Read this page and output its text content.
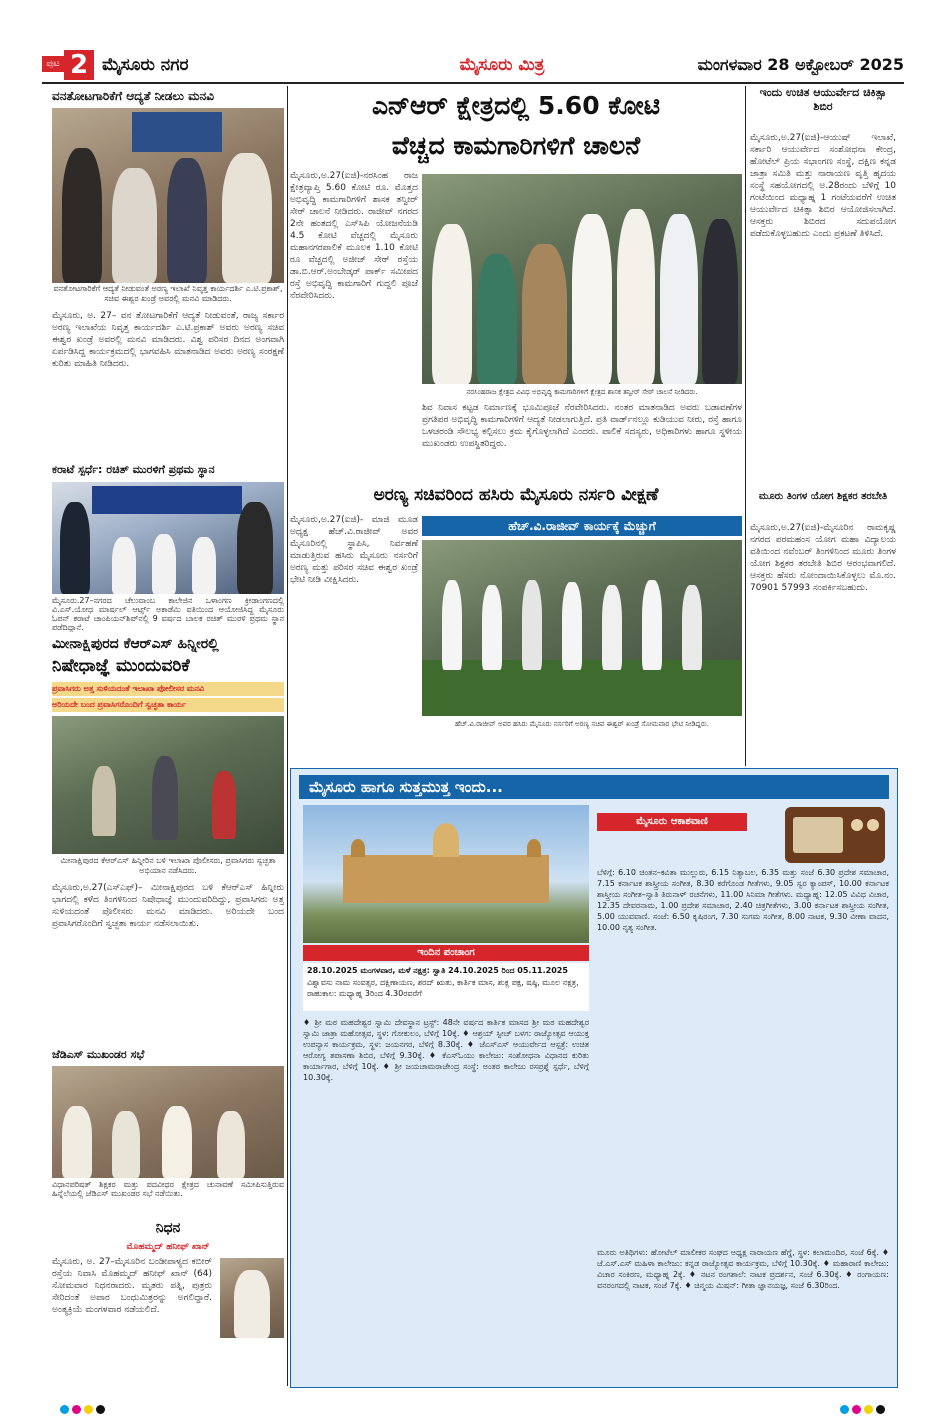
ಪುಟ 2 ಮೈಸೂರು ನಗರ	ಮೈಸೂರು ಮಿತ್ರ	ಮಂಗಳವಾರ 28 ಅಕ್ಟೋಬರ್ 2025
ವನತೋಟಗಾರಿಕೆಗೆ ಆದ್ಯತೆ ನೀಡಲು ಮನವಿ
ವನತೋಟಗಾರಿಕೆಗೆ ಆದ್ಯತೆ ನೀಡುವಂತೆ ಅರಣ್ಯ ಇಲಾಖೆ ನಿವೃತ್ತ ಕಾರ್ಯದರ್ಶಿ ಎ.ಟಿ.ಪ್ರಕಾಶ್, ಸಚಿವ ಈಶ್ವರ ಖಂಡ್ರೆ ಅವರಲ್ಲಿ ಮನವಿ ಮಾಡಿದರು.
ಮೈಸೂರು, ಅ. 27– ವನ ತೋಟಗಾರಿಕೆಗೆ ಆದ್ಯತೆ ನೀಡುವಂತೆ, ರಾಜ್ಯ ಸರ್ಕಾರ ಅರಣ್ಯ ಇಲಾಖೆಯ ನಿವೃತ್ತ ಕಾರ್ಯದರ್ಶಿ ಎ.ಟಿ.ಪ್ರಕಾಶ್ ಅವರು ಅರಣ್ಯ ಸಚಿವ ಈಶ್ವರ ಖಂಡ್ರೆ ಅವರಲ್ಲಿ ಮನವಿ ಮಾಡಿದರು. ವಿಶ್ವ ಪರಿಸರ ದಿನದ ಅಂಗವಾಗಿ ಏರ್ಪಡಿಸಿದ್ದ ಕಾರ್ಯಕ್ರಮದಲ್ಲಿ ಭಾಗವಹಿಸಿ ಮಾತನಾಡಿದ ಅವರು ಅರಣ್ಯ ಸಂರಕ್ಷಣೆ ಕುರಿತು ಮಾಹಿತಿ ನೀಡಿದರು.
ಕರಾಟೆ ಸ್ಪರ್ಧೆ: ರಚಿತ್ ಮುರಳಿಗೆ ಪ್ರಥಮ ಸ್ಥಾನ
ಮೈಸೂರು.27–ನಗರದ ಚೆಲುವಾಂಬ ಕಾಲೇಜಿನ ಒಳಾಂಗಣ ಕ್ರೀಡಾಂಗಣದಲ್ಲಿ ವಿ.ಎಸ್.ಯೋಧ ಮಾರ್ಷಲ್ ಆರ್ಟ್ಸ್ ಅಕಾಡೆಮಿ ವತಿಯಿಂದ ಆಯೋಜಿಸಿದ್ದ ಮೈಸೂರು ಓಪನ್ ಕರಾಟೆ ಚಾಂಪಿಯನ್‌ಶಿಪ್‌ನಲ್ಲಿ 9 ವರ್ಷದ ಬಾಲಕ ರಚಿತ್ ಮುರಳಿ ಪ್ರಥಮ ಸ್ಥಾನ ಪಡೆದಿದ್ದಾನೆ.
ಮೀನಾಕ್ಷಿಪುರದ ಕೆಆರ್‌ಎಸ್ ಹಿನ್ನೀರಲ್ಲಿ
ನಿಷೇಧಾಜ್ಞೆ ಮುಂದುವರಿಕೆ
ಪ್ರವಾಸಿಗರು ಅತ್ತ ಸುಳಿಯದಂತೆ ಇಲಾಖಾ ಪೋಲೀಸರ ಮನವಿ
ಅರಿಯದೇ ಬಂದ ಪ್ರವಾಸಿಗರೊಂದಿಗೆ ಸ್ವಚ್ಛತಾ ಕಾರ್ಯ
ಮೀನಾಕ್ಷಿಪುರದ ಕೆಆರ್‌ಎಸ್ ಹಿನ್ನೀರಿನ ಬಳಿ ಇಲಾಖಾ ಪೊಲೀಸರು, ಪ್ರವಾಸಿಗರು ಸ್ವಚ್ಛತಾ ಅಭಿಯಾನ ನಡೆಸಿದರು.
ಮೈಸೂರು,ಅ.27(ಎಸ್‌ಎಫ್)– ಮೀನಾಕ್ಷಿಪುರದ ಬಳಿ ಕೆಆರ್‌ಎಸ್ ಹಿನ್ನೀರು ಭಾಗದಲ್ಲಿ ಕಳೆದ ತಿಂಗಳಿನಿಂದ ನಿಷೇಧಾಜ್ಞೆ ಮುಂದುವರಿದಿದ್ದು, ಪ್ರವಾಸಿಗರು ಅತ್ತ ಸುಳಿಯದಂತೆ ಪೊಲೀಸರು ಮನವಿ ಮಾಡಿದರು. ಅರಿಯದೇ ಬಂದ ಪ್ರವಾಸಿಗರೊಂದಿಗೆ ಸ್ವಚ್ಛತಾ ಕಾರ್ಯ ನಡೆಸಲಾಯಿತು.
ಜೆಡಿಎಸ್ ಮುಖಂಡರ ಸಭೆ
ವಿಧಾನಪರಿಷತ್ ಶಿಕ್ಷಕರ ಮತ್ತು ಪದವೀಧರ ಕ್ಷೇತ್ರದ ಚುನಾವಣೆ ಸಮೀಪಿಸುತ್ತಿರುವ ಹಿನ್ನೆಲೆಯಲ್ಲಿ ಜೆಡಿಎಸ್ ಮುಖಂಡರ ಸಭೆ ನಡೆಯಿತು.
ನಿಧನ
ಮೊಹಮ್ಮದ್ ಹನೀಫ್ ಖಾನ್
ಮೈಸೂರು, ಅ. 27–ಮೈಸೂರಿನ ಬಂಡೀಪಾಳ್ಯದ ಕಬೀರ್ ರಸ್ತೆಯ ನಿವಾಸಿ ಮೊಹಮ್ಮದ್ ಹನೀಫ್ ಖಾನ್ (64) ಸೋಮವಾರ ನಿಧನರಾದರು. ಮೃತರು ಪತ್ನಿ, ಪುತ್ರರು ಸೇರಿದಂತೆ ಅಪಾರ ಬಂಧುಮಿತ್ರರನ್ನು ಅಗಲಿದ್ದಾರೆ. ಅಂತ್ಯಕ್ರಿಯೆ ಮಂಗಳವಾರ ನಡೆಯಲಿದೆ.
ಎನ್‌ಆರ್ ಕ್ಷೇತ್ರದಲ್ಲಿ 5.60 ಕೋಟಿ
ವೆಚ್ಚದ ಕಾಮಗಾರಿಗಳಿಗೆ ಚಾಲನೆ
ಮೈಸೂರು,ಅ.27(ಐಜಿ)-ನರಸಿಂಹ ರಾಜ ಕ್ಷೇತ್ರವ್ಯಾಪ್ತಿ 5.60 ಕೋಟಿ ರೂ. ಮೊತ್ತದ ಅಭಿವೃದ್ಧಿ ಕಾಮಗಾರಿಗಳಿಗೆ ಶಾಸಕ ತನ್ವೀರ್ ಸೇಠ್ ಚಾಲನೆ ನೀಡಿದರು. ರಾಜೀವ್ ನಗರದ 2ನೇ ಹಂತದಲ್ಲಿ ಎಸ್‌ಸಿಪಿ ಯೋಜನೆಯಡಿ 4.5 ಕೋಟಿ ವೆಚ್ಚದಲ್ಲಿ ಮೈಸೂರು ಮಹಾನಗರಪಾಲಿಕೆ ಮೂಲಕ 1.10 ಕೋಟಿ ರೂ ವೆಚ್ಚದಲ್ಲಿ ಅಜೀಜ್ ಸೇಠ್ ರಸ್ತೆಯ ಡಾ.ಬಿ.ಆರ್.ಅಂಬೇಡ್ಕರ್ ಪಾರ್ಕ್ ಸಮೀಪದ ರಸ್ತೆ ಅಭಿವೃದ್ಧಿ ಕಾಮಗಾರಿಗೆ ಗುದ್ದಲಿ ಪೂಜೆ ನೆರವೇರಿಸಿದರು.
ನರಸಿಂಹರಾಜ ಕ್ಷೇತ್ರದ ವಿವಿಧ ಅಭಿವೃದ್ಧಿ ಕಾಮಗಾರಿಗಳಿಗೆ ಕ್ಷೇತ್ರದ ಶಾಸಕ ತನ್ವೀರ್ ಸೇಠ್ ಚಾಲನೆ ನೀಡಿದರು.
ಶಿವ ನಿವಾಸ ಕಟ್ಟಡ ನಿರ್ಮಾಣಕ್ಕೆ ಭೂಮಿಪೂಜೆ ನೆರವೇರಿಸಿದರು. ನಂತರ ಮಾತನಾಡಿದ ಅವರು ಬಡಾವಣೆಗಳ ಪ್ರಗತಿಪರ ಅಭಿವೃದ್ಧಿ ಕಾಮಗಾರಿಗಳಿಗೆ ಆದ್ಯತೆ ನೀಡಲಾಗುತ್ತಿದೆ. ಪ್ರತಿ ವಾರ್ಡ್‌ನಲ್ಲೂ ಕುಡಿಯುವ ನೀರು, ರಸ್ತೆ ಹಾಗೂ ಒಳಚರಂಡಿ ಸೌಲಭ್ಯ ಕಲ್ಪಿಸಲು ಕ್ರಮ ಕೈಗೊಳ್ಳಲಾಗಿದೆ ಎಂದರು. ಪಾಲಿಕೆ ಸದಸ್ಯರು, ಅಧಿಕಾರಿಗಳು ಹಾಗೂ ಸ್ಥಳೀಯ ಮುಖಂಡರು ಉಪಸ್ಥಿತರಿದ್ದರು.
ಇಂದು ಉಚಿತ ಆಯುರ್ವೇದ ಚಿಕಿತ್ಸಾ ಶಿಬಿರ
ಮೈಸೂರು,ಅ.27(ಐಜಿ)-ಆಯುಷ್ ಇಲಾಖೆ, ಸರ್ಕಾರಿ ಆಯುರ್ವೇದ ಸಂಶೋಧನಾ ಕೇಂದ್ರ, ಹೋಟೆಲ್ ಪ್ರಿಯ ಸಭಾಂಗಣ ಸಂಸ್ಥೆ, ದಕ್ಷಿಣ ಕನ್ನಡ ಜಾತ್ರಾ ಸಮಿತಿ ಮತ್ತು ನಾರಾಯಣ ವೃತ್ತಿ ಹೃದಯ ಸಂಸ್ಥೆ ಸಹಯೋಗದಲ್ಲಿ ಅ.28ರಂದು ಬೆಳಿಗ್ಗೆ 10 ಗಂಟೆಯಿಂದ ಮಧ್ಯಾಹ್ನ 1 ಗಂಟೆಯವರೆಗೆ ಉಚಿತ ಆಯುರ್ವೇದ ಚಿಕಿತ್ಸಾ ಶಿಬಿರ ಆಯೋಜಿಸಲಾಗಿದೆ. ಆಸಕ್ತರು ಶಿಬಿರದ ಸದುಪಯೋಗ ಪಡೆದುಕೊಳ್ಳಬಹುದು ಎಂದು ಪ್ರಕಟಣೆ ತಿಳಿಸಿದೆ.
ಮೂರು ತಿಂಗಳ ಯೋಗ ಶಿಕ್ಷಕರ ತರಬೇತಿ
ಮೈಸೂರು,ಅ.27(ಐಜಿ)-ಮೈಸೂರಿನ ರಾಮಕೃಷ್ಣ ನಗರದ ಪರಮಹಂಸ ಯೋಗ ಮಹಾ ವಿದ್ಯಾಲಯ ವತಿಯಿಂದ ನವೆಂಬರ್ ತಿಂಗಳಿನಿಂದ ಮೂರು ತಿಂಗಳ ಯೋಗ ಶಿಕ್ಷಕರ ತರಬೇತಿ ಶಿಬಿರ ಆರಂಭವಾಗಲಿದೆ. ಆಸಕ್ತರು ಹೆಸರು ನೋಂದಾಯಿಸಿಕೊಳ್ಳಲು ಮೊ.ನಂ. 70901 57993 ಸಂಪರ್ಕಿಸಬಹುದು.
ಅರಣ್ಯ ಸಚಿವರಿಂದ ಹಸಿರು ಮೈಸೂರು ನರ್ಸರಿ ವೀಕ್ಷಣೆ
ಮೈಸೂರು,ಅ.27(ಐಜಿ)- ಮಾಜಿ ಮೂಡ ಅಧ್ಯಕ್ಷ ಹೆಚ್.ವಿ.ರಾಜೀವ್ ಅವರ ಮೈಸೂರಿನಲ್ಲಿ ಸ್ಥಾಪಿಸಿ, ನಿರ್ವಹಣೆ ಮಾಡುತ್ತಿರುವ ಹಸಿರು ಮೈಸೂರು ನರ್ಸರಿಗೆ ಅರಣ್ಯ ಮತ್ತು ಪರಿಸರ ಸಚಿವ ಈಶ್ವರ ಖಂಡ್ರೆ ಭೇಟಿ ನೀಡಿ ವೀಕ್ಷಿಸಿದರು.
ಹೆಚ್.ವಿ.ರಾಜೀವ್ ಕಾರ್ಯಕ್ಕೆ ಮೆಚ್ಚುಗೆ
ಹೆಚ್.ವಿ.ರಾಜೀವ್ ಅವರ ಹಸಿರು ಮೈಸೂರು ನರ್ಸರಿಗೆ ಅರಣ್ಯ ಸಚಿವ ಈಶ್ವರ್ ಖಂಡ್ರೆ ಸೋಮವಾರ ಭೇಟಿ ನೀಡಿದ್ದರು.
ಮೈಸೂರು ಹಾಗೂ ಸುತ್ತಮುತ್ತ ಇಂದು...
ಇಂದಿನ ಪಂಚಾಂಗ
28.10.2025 ಮಂಗಳವಾರ, ಮಳೆ ನಕ್ಷತ್ರ: ಸ್ವಾತಿ 24.10.2025 ರಿಂದ 05.11.2025
ವಿಶ್ವಾವಸು ನಾಮ ಸಂವತ್ಸರ, ದಕ್ಷಿಣಾಯಣ, ಶರದ್ ಋತು, ಕಾರ್ತಿಕ ಮಾಸ, ಶುಕ್ಲ ಪಕ್ಷ, ಷಷ್ಠಿ, ಮೂಲ ನಕ್ಷತ್ರ, ರಾಹುಕಾಲ: ಮಧ್ಯಾಹ್ನ 3ರಿಂದ 4.30ರವರೆಗೆ
ಮೈಸೂರು ಆಕಾಶವಾಣಿ
ಬೆಳಿಗ್ಗೆ: 6.10 ಚಿಂತನ–ಕವಿತಾ ಮುಲ್ಲುರು, 6.15 ನಿತ್ಯಾಬಲ, 6.35 ಮತ್ತು ಸಂಜೆ 6.30 ಪ್ರದೇಶ ಸಮಾಚಾರ, 7.15 ಕರ್ನಾಟಕ ಶಾಸ್ತ್ರೀಯ ಸಂಗೀತ, 8.30 ಕರೆಗೊಂಡ ಗೀತೆಗಳು, 9.05 ಸ್ವರ ಕ್ಯಾಂಪಸ್, 10.00 ಕರ್ನಾಟಕ ಶಾಸ್ತ್ರೀಯ ಸಂಗೀತ–ಸ್ವಾತಿ ತಿರುನಾಳ್ ರಚನೆಗಳು, 11.00 ಸಿನಿಮಾ ಗೀತೆಗಳು. ಮಧ್ಯಾಹ್ನ: 12.05 ವಿವಿಧ ವಿಚಾರ, 12.35 ದೇವರನಾಮ, 1.00 ಪ್ರದೇಶ ಸಮಾಚಾರ, 2.40 ಚಿತ್ರಗೀತೆಗಳು, 3.00 ಕರ್ನಾಟಕ ಶಾಸ್ತ್ರೀಯ ಸಂಗೀತ, 5.00 ಯುವವಾಣಿ. ಸಂಜೆ: 6.50 ಕೃಷಿರಂಗ, 7.30 ಸುಗಮ ಸಂಗೀತ, 8.00 ನಾಟಕ, 9.30 ವೀಣಾ ವಾದನ, 10.00 ನೃತ್ಯ ಸಂಗೀತ.
♦ ಶ್ರೀ ಮಠ ಮಹದೇಶ್ವರ ಸ್ವಾಮಿ ದೇವಸ್ಥಾನ ಟ್ರಸ್ಟ್: 48ನೇ ವರ್ಷದ ಕಾರ್ತಿಕ ಮಾಸದ ಶ್ರೀ ಮಠ ಮಹದೇಶ್ವರ ಸ್ವಾಮಿ ಜಾತ್ರಾ ಮಹೋತ್ಸವ, ಸ್ಥಳ: ಗೋಕುಲಂ, ಬೆಳಿಗ್ಗೆ 10ಕ್ಕೆ. ♦ ಆಶ್ರಯ್ ಸ್ಪೀಚ್ ಬಳಗ: ರಾಜ್ಯೋತ್ಸವ ಆಯುಕ್ತ ಉಪನ್ಯಾಸ ಕಾರ್ಯಕ್ರಮ, ಸ್ಥಳ: ಜಯನಗರ, ಬೆಳಿಗ್ಗೆ 8.30ಕ್ಕೆ. ♦ ಜೆಎಸ್‌ಎಸ್ ಆಯುರ್ವೇದ ಆಸ್ಪತ್ರೆ: ಉಚಿತ ಆರೋಗ್ಯ ತಪಾಸಣಾ ಶಿಬಿರ, ಬೆಳಿಗ್ಗೆ 9.30ಕ್ಕೆ. ♦ ಕೆಎಸ್‌ಓಯು ಕಾಲೇಜು: ಸಂಶೋಧನಾ ವಿಧಾನದ ಕುರಿತು ಕಾರ್ಯಾಗಾರ, ಬೆಳಿಗ್ಗೆ 10ಕ್ಕೆ. ♦ ಶ್ರೀ ಜಯಚಾಮರಾಜೇಂದ್ರ ಸಂಸ್ಥೆ: ಅಂತರ ಕಾಲೇಜು ರಸಪ್ರಶ್ನೆ ಸ್ಪರ್ಧೆ, ಬೆಳಿಗ್ಗೆ 10.30ಕ್ಕೆ.
ಮೂರು ಅತಿಥಿಗಳು: ಹೋಟೆಲ್ ಮಾಲೀಕರ ಸಂಘದ ಅಧ್ಯಕ್ಷ ನಾರಾಯಣ ಹೆಗ್ಡೆ, ಸ್ಥಳ: ಕಲಾಮಂದಿರ, ಸಂಜೆ 6ಕ್ಕೆ. ♦ ಜೆ.ಎಸ್.ಎಸ್ ಮಹಿಳಾ ಕಾಲೇಜು: ಕನ್ನಡ ರಾಜ್ಯೋತ್ಸವ ಕಾರ್ಯಕ್ರಮ, ಬೆಳಿಗ್ಗೆ 10.30ಕ್ಕೆ. ♦ ಮಹಾರಾಣಿ ಕಾಲೇಜು: ವಿಚಾರ ಸಂಕಿರಣ, ಮಧ್ಯಾಹ್ನ 2ಕ್ಕೆ. ♦ ನಟನ ರಂಗಶಾಲೆ: ನಾಟಕ ಪ್ರದರ್ಶನ, ಸಂಜೆ 6.30ಕ್ಕೆ. ♦ ರಂಗಾಯಣ: ವನರಂಗದಲ್ಲಿ ನಾಟಕ, ಸಂಜೆ 7ಕ್ಕೆ. ♦ ಚಿನ್ಮಯ ಮಿಷನ್: ಗೀತಾ ಜ್ಞಾನಯಜ್ಞ, ಸಂಜೆ 6.30ರಿಂದ.
